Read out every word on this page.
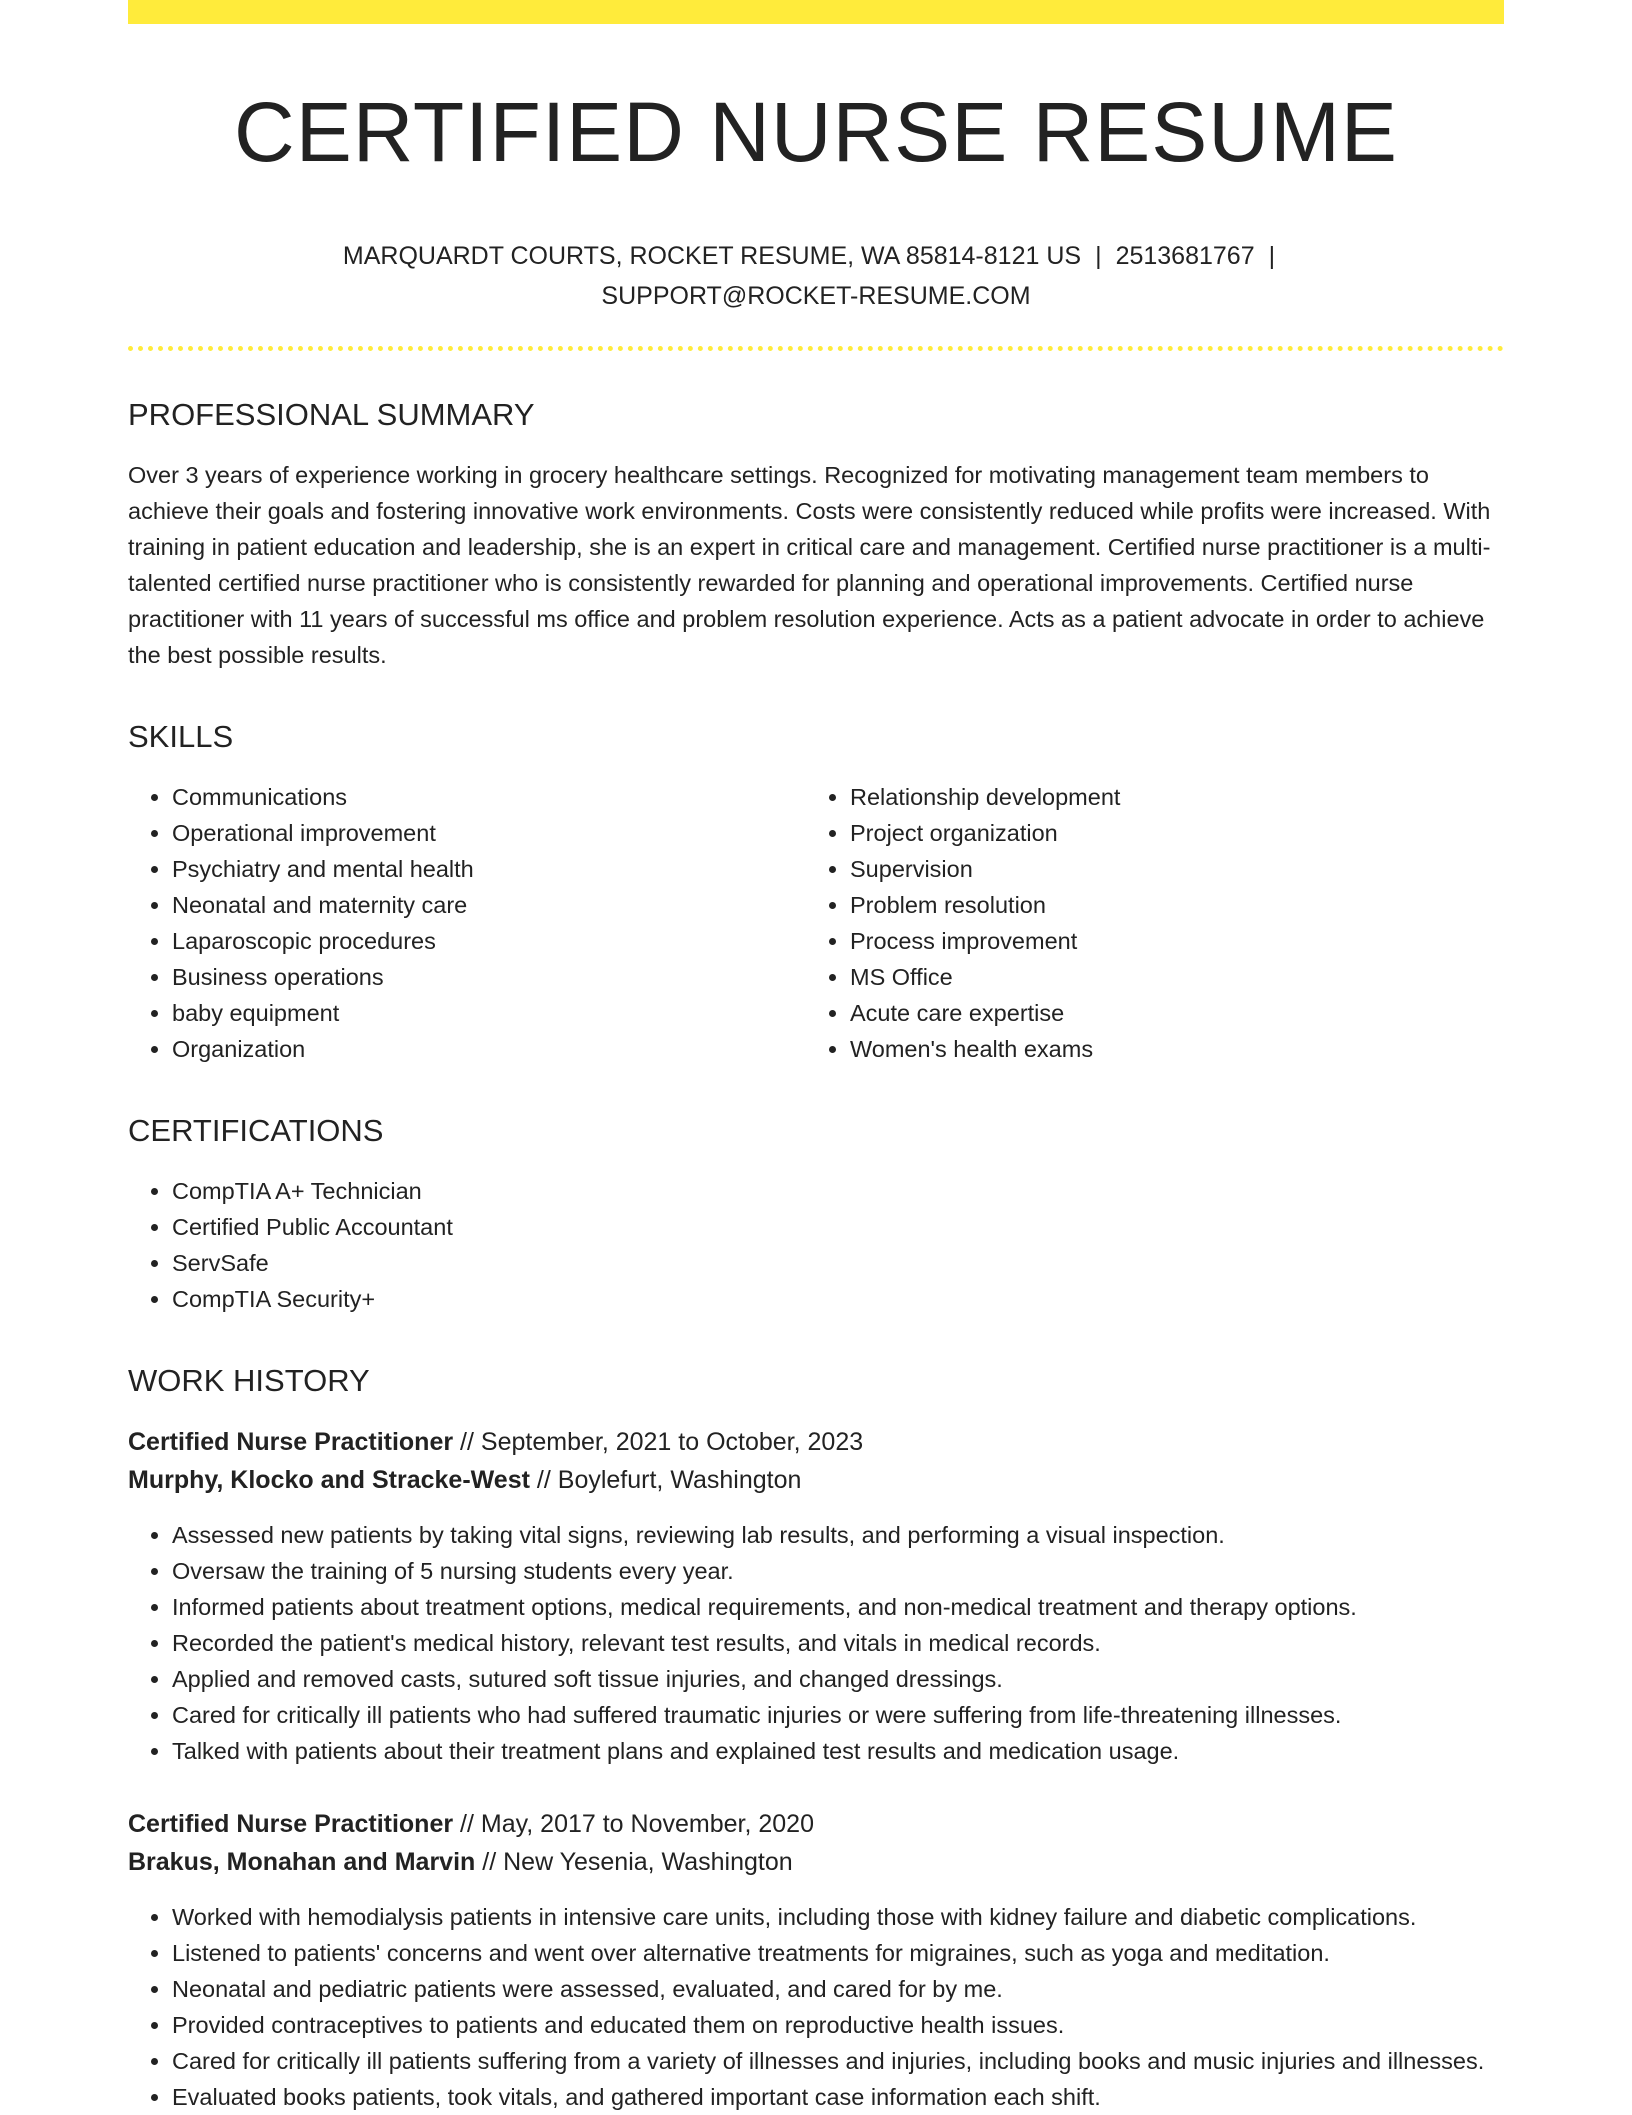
CERTIFIED NURSE RESUME
MARQUARDT COURTS, ROCKET RESUME, WA 85814-8121 US | 2513681767 |
SUPPORT@ROCKET-RESUME.COM
PROFESSIONAL SUMMARY

Over 3 years of experience working in grocery healthcare settings. Recognized for motivating management team members to achieve their goals and fostering innovative work environments. Costs were consistently reduced while profits were increased. With training in patient education and leadership, she is an expert in critical care and management. Certified nurse practitioner is a multi-talented certified nurse practitioner who is consistently rewarded for planning and operational improvements. Certified nurse practitioner with 11 years of successful ms office and problem resolution experience. Acts as a patient advocate in order to achieve the best possible results.

SKILLS
• Communications
• Operational improvement
• Psychiatry and mental health
• Neonatal and maternity care
• Laparoscopic procedures
• Business operations
• baby equipment
• Organization
• Relationship development
• Project organization
• Supervision
• Problem resolution
• Process improvement
• MS Office
• Acute care expertise
• Women's health exams
CERTIFICATIONS
• CompTIA A+ Technician
• Certified Public Accountant
• ServSafe
• CompTIA Security+
WORK HISTORY

Certified Nurse Practitioner // September, 2021 to October, 2023

Murphy, Klocko and Stracke-West // Boylefurt, Washington

• Assessed new patients by taking vital signs, reviewing lab results, and performing a visual inspection.
• Oversaw the training of 5 nursing students every year.
• Informed patients about treatment options, medical requirements, and non-medical treatment and therapy options.
• Recorded the patient's medical history, relevant test results, and vitals in medical records.
• Applied and removed casts, sutured soft tissue injuries, and changed dressings.
• Cared for critically ill patients who had suffered traumatic injuries or were suffering from life-threatening illnesses.
• Talked with patients about their treatment plans and explained test results and medication usage.

Certified Nurse Practitioner // May, 2017 to November, 2020

Brakus, Monahan and Marvin // New Yesenia, Washington

• Worked with hemodialysis patients in intensive care units, including those with kidney failure and diabetic complications.
• Listened to patients' concerns and went over alternative treatments for migraines, such as yoga and meditation.
• Neonatal and pediatric patients were assessed, evaluated, and cared for by me.
• Provided contraceptives to patients and educated them on reproductive health issues.
• Cared for critically ill patients suffering from a variety of illnesses and injuries, including books and music injuries and illnesses.
• Evaluated books patients, took vitals, and gathered important case information each shift.
